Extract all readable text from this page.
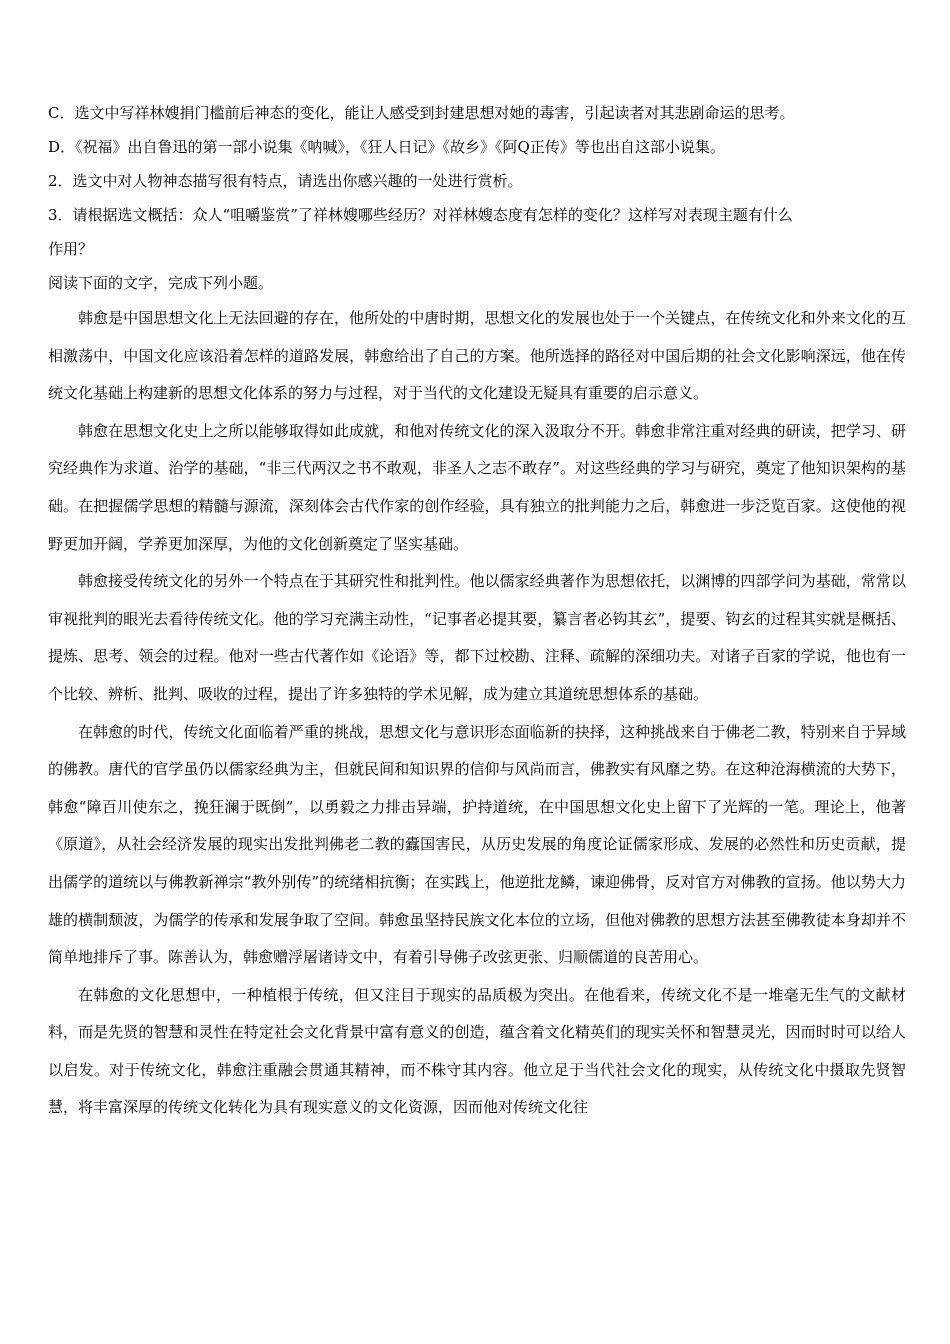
C．选文中写祥林嫂捐门槛前后神态的变化，能让人感受到封建思想对她的毒害，引起读者对其悲剧命运的思考。

D．《祝福》出自鲁迅的第一部小说集《呐喊》，《狂人日记》《故乡》《阿Q正传》等也出自这部小说集。

2．选文中对人物神态描写很有特点，请选出你感兴趣的一处进行赏析。

3．请根据选文概括：众人“咀嚼鉴赏”了祥林嫂哪些经历？对祥林嫂态度有怎样的变化？这样写对表现主题有什么

作用？

阅读下面的文字，完成下列小题。

韩愈是中国思想文化上无法回避的存在，他所处的中唐时期，思想文化的发展也处于一个关键点，在传统文化和外来文化的互相激荡中，中国文化应该沿着怎样的道路发展，韩愈给出了自己的方案。他所选择的路径对中国后期的社会文化影响深远，他在传统文化基础上构建新的思想文化体系的努力与过程，对于当代的文化建设无疑具有重要的启示意义。

韩愈在思想文化史上之所以能够取得如此成就，和他对传统文化的深入汲取分不开。韩愈非常注重对经典的研读，把学习、研究经典作为求道、治学的基础，“非三代两汉之书不敢观，非圣人之志不敢存”。对这些经典的学习与研究，奠定了他知识架构的基础。在把握儒学思想的精髓与源流，深刻体会古代作家的创作经验，具有独立的批判能力之后，韩愈进一步泛览百家。这使他的视野更加开阔，学养更加深厚，为他的文化创新奠定了坚实基础。

韩愈接受传统文化的另外一个特点在于其研究性和批判性。他以儒家经典著作为思想依托，以渊博的四部学问为基础，常常以审视批判的眼光去看待传统文化。他的学习充满主动性，“记事者必提其要，纂言者必钩其玄”，提要、钩玄的过程其实就是概括、提炼、思考、领会的过程。他对一些古代著作如《论语》等，都下过校勘、注释、疏解的深细功夫。对诸子百家的学说，他也有一个比较、辨析、批判、吸收的过程，提出了许多独特的学术见解，成为建立其道统思想体系的基础。

在韩愈的时代，传统文化面临着严重的挑战，思想文化与意识形态面临新的抉择，这种挑战来自于佛老二教，特别来自于异域的佛教。唐代的官学虽仍以儒家经典为主，但就民间和知识界的信仰与风尚而言，佛教实有风靡之势。在这种沧海横流的大势下，韩愈“障百川使东之，挽狂澜于既倒”，以勇毅之力排击异端，护持道统，在中国思想文化史上留下了光辉的一笔。理论上，他著《原道》，从社会经济发展的现实出发批判佛老二教的蠹国害民，从历史发展的角度论证儒家形成、发展的必然性和历史贡献，提出儒学的道统以与佛教新禅宗“教外别传”的统绪相抗衡；在实践上，他逆批龙鳞，谏迎佛骨，反对官方对佛教的宣扬。他以势大力雄的横制颓波，为儒学的传承和发展争取了空间。韩愈虽坚持民族文化本位的立场，但他对佛教的思想方法甚至佛教徒本身却并不简单地排斥了事。陈善认为，韩愈赠浮屠诸诗文中，有着引导佛子改弦更张、归顺儒道的良苦用心。

在韩愈的文化思想中，一种植根于传统，但又注目于现实的品质极为突出。在他看来，传统文化不是一堆毫无生气的文献材料，而是先贤的智慧和灵性在特定社会文化背景中富有意义的创造，蕴含着文化精英们的现实关怀和智慧灵光，因而时时可以给人以启发。对于传统文化，韩愈注重融会贯通其精神，而不株守其内容。他立足于当代社会文化的现实，从传统文化中摄取先贤智慧，将丰富深厚的传统文化转化为具有现实意义的文化资源，因而他对传统文化往
